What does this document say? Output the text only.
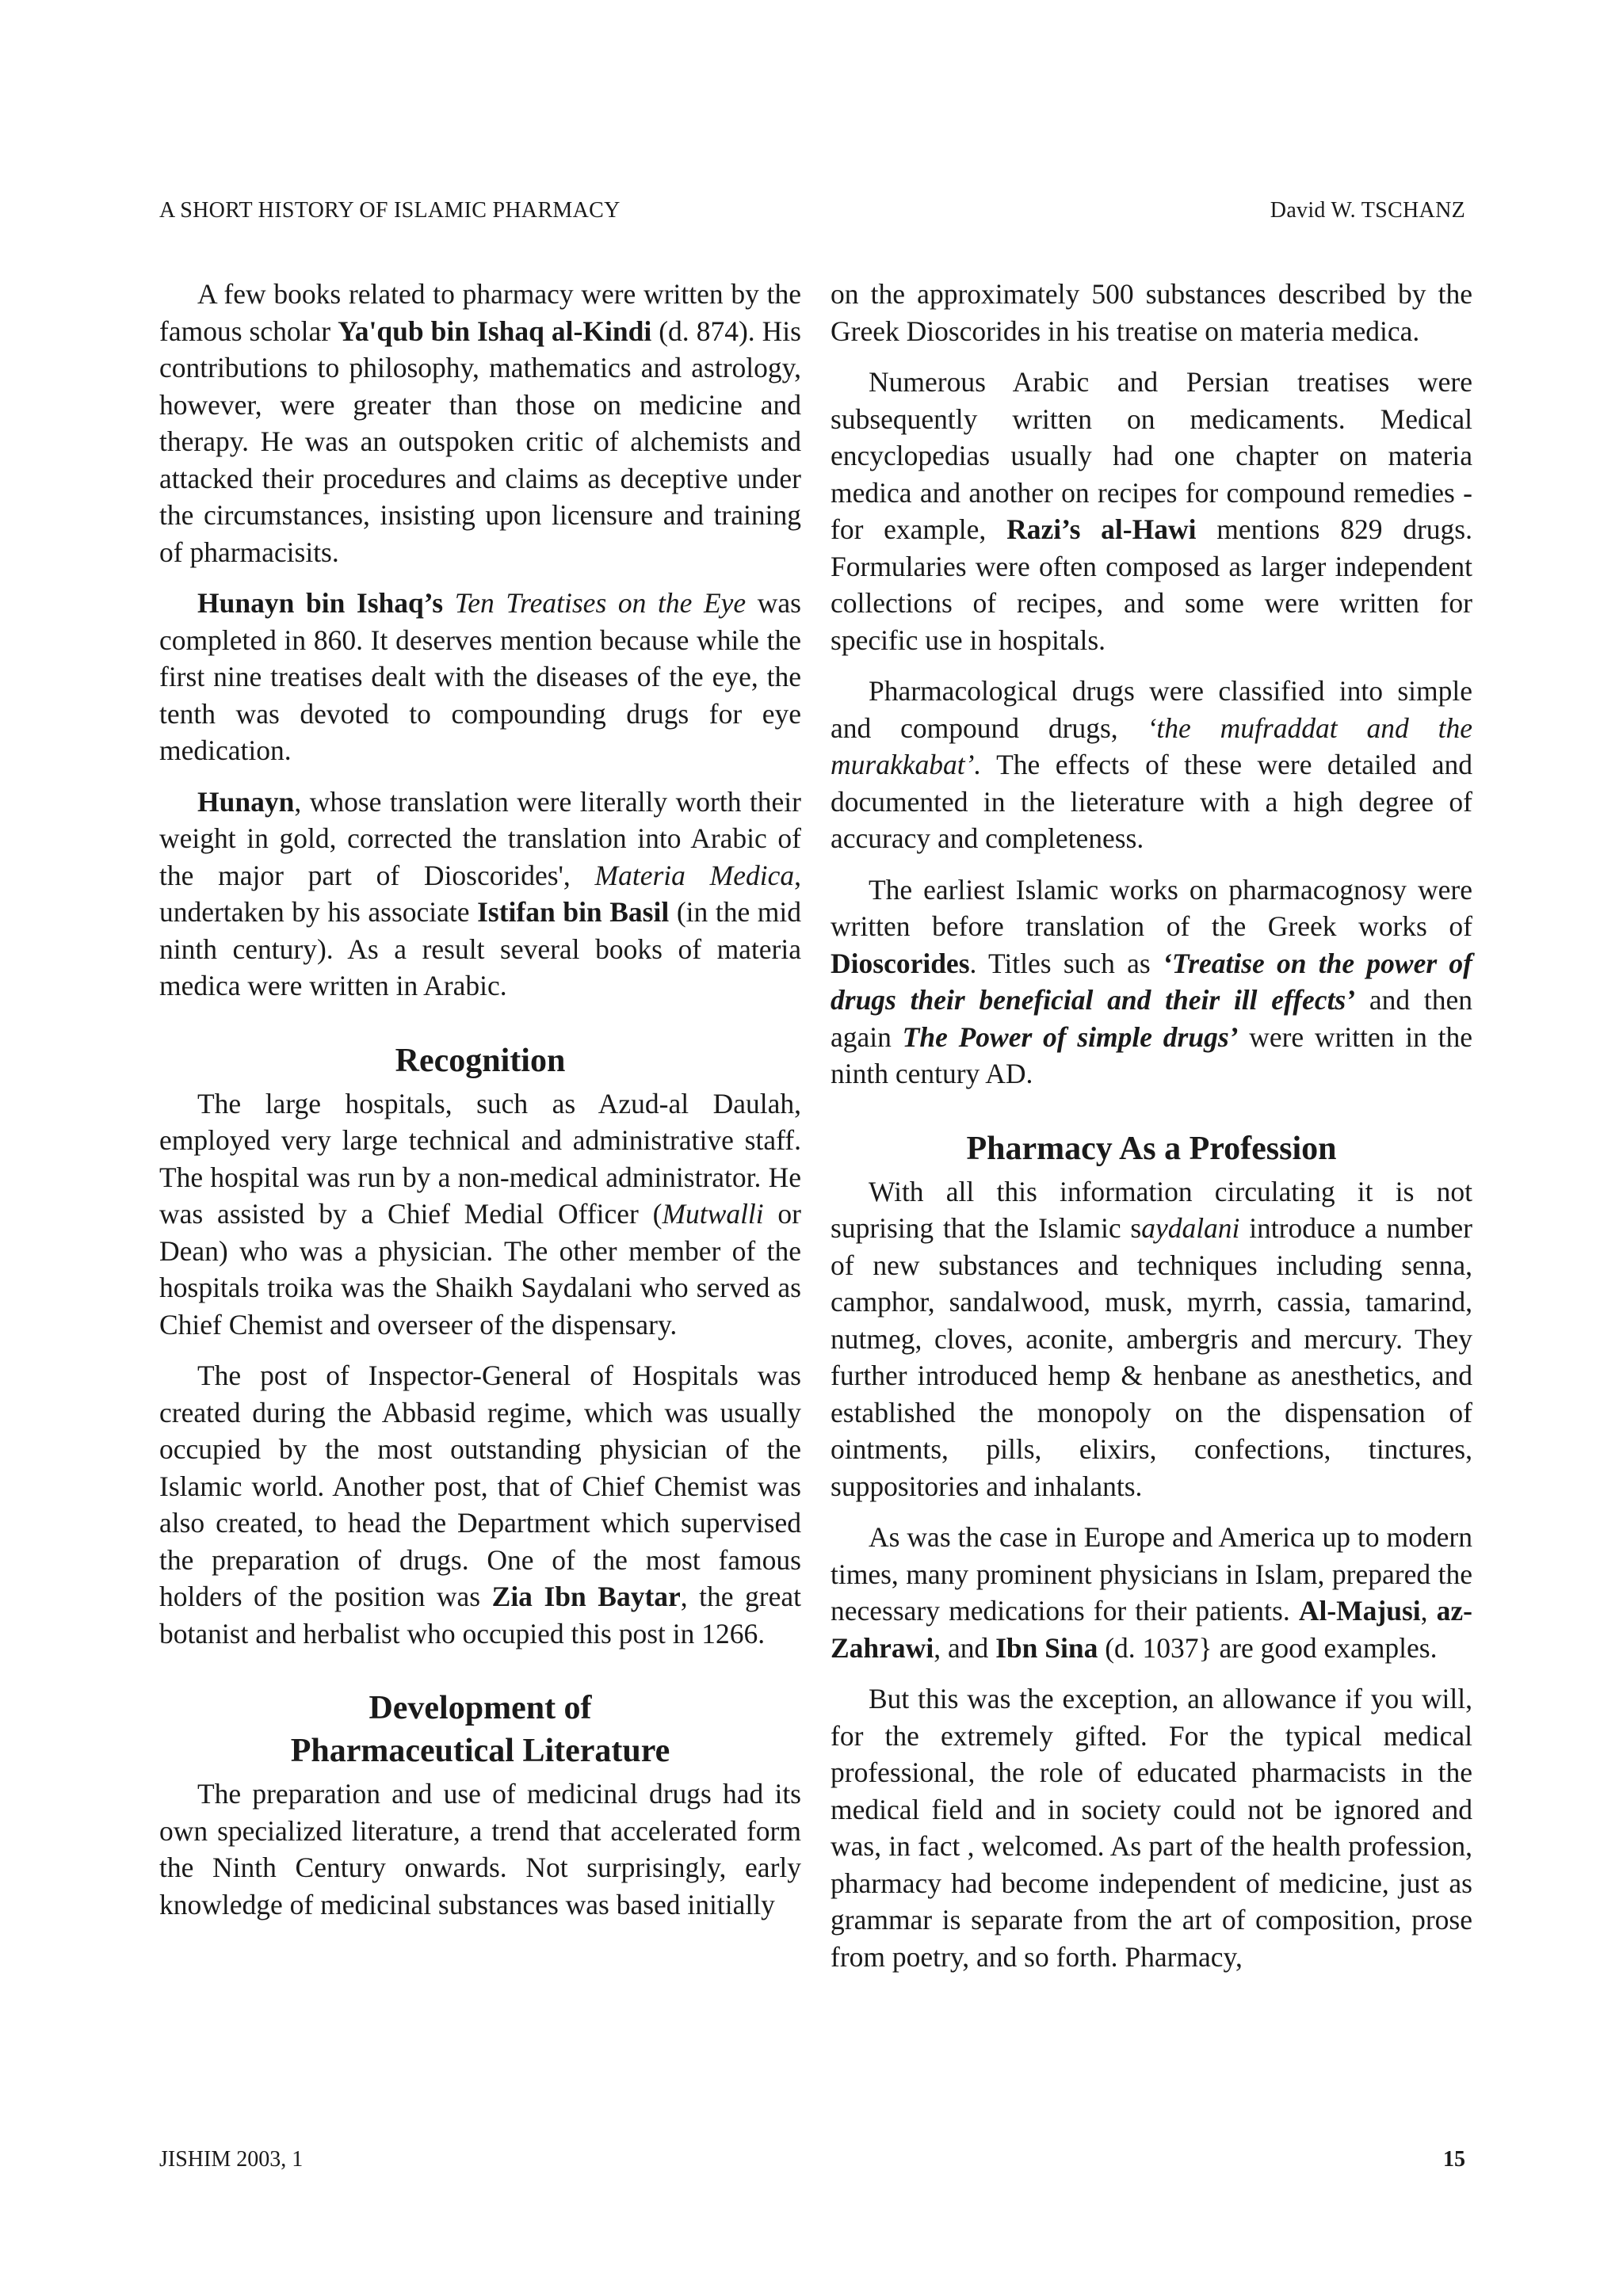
A SHORT HISTORY OF ISLAMIC PHARMACY	David W. TSCHANZ

A few books related to pharmacy were written by the famous scholar Ya'qub bin Ishaq al-Kindi (d. 874). His contributions to philosophy, mathematics and astrology, however, were greater than those on medicine and therapy. He was an outspoken critic of alchemists and attacked their procedures and claims as deceptive under the circumstances, insisting upon licensure and training of pharmacisits.

Hunayn bin Ishaq’s Ten Treatises on the Eye was completed in 860. It deserves mention because while the first nine treatises dealt with the diseases of the eye, the tenth was devoted to compounding drugs for eye medication.

Hunayn, whose translation were literally worth their weight in gold, corrected the translation into Arabic of the major part of Dioscorides', Materia Medica, undertaken by his associate Istifan bin Basil (in the mid ninth century). As a result several books of materia medica were written in Arabic.

Recognition

The large hospitals, such as Azud-al Daulah, employed very large technical and administrative staff. The hospital was run by a non-medical administrator. He was assisted by a Chief Medial Officer (Mutwalli or Dean) who was a physician. The other member of the hospitals troika was the Shaikh Saydalani who served as Chief Chemist and overseer of the dispensary.

The post of Inspector-General of Hospitals was created during the Abbasid regime, which was usually occupied by the most outstanding physician of the Islamic world. Another post, that of Chief Chemist was also created, to head the Department which supervised the preparation of drugs. One of the most famous holders of the position was Zia Ibn Baytar, the great botanist and herbalist who occupied this post in 1266.

Development of
Pharmaceutical Literature

The preparation and use of medicinal drugs had its own specialized literature, a trend that accelerated form the Ninth Century onwards. Not surprisingly, early knowledge of medicinal substances was based initially

on the approximately 500 substances described by the Greek Dioscorides in his treatise on materia medica.

Numerous Arabic and Persian treatises were subsequently written on medicaments. Medical encyclopedias usually had one chapter on materia medica and another on recipes for compound remedies - for example, Razi’s al-Hawi mentions 829 drugs. Formularies were often composed as larger independent collections of recipes, and some were written for specific use in hospitals.

Pharmacological drugs were classified into simple and compound drugs, ‘the mufraddat and the murakkabat’. The effects of these were detailed and documented in the lieterature with a high degree of accuracy and completeness.

The earliest Islamic works on pharmacognosy were written before translation of the Greek works of Dioscorides. Titles such as ‘Treatise on the power of drugs their beneficial and their ill effects’ and then again The Power of simple drugs’ were written in the ninth century AD.

Pharmacy As a Profession

With all this information circulating it is not suprising that the Islamic saydalani introduce a number of new substances and techniques including senna, camphor, sandalwood, musk, myrrh, cassia, tamarind, nutmeg, cloves, aconite, ambergris and mercury. They further introduced hemp & henbane as anesthetics, and established the monopoly on the dispensation of ointments, pills, elixirs, confections, tinctures, suppositories and inhalants.

As was the case in Europe and America up to modern times, many prominent physicians in Islam, prepared the necessary medications for their patients. Al-Majusi, az-Zahrawi, and Ibn Sina (d. 1037} are good examples.

But this was the exception, an allowance if you will, for the extremely gifted. For the typical medical professional, the role of educated pharmacists in the medical field and in society could not be ignored and was, in fact , welcomed. As part of the health profession, pharmacy had become independent of medicine, just as grammar is separate from the art of composition, prose from poetry, and so forth. Pharmacy,

JISHIM 2003, 1	15
